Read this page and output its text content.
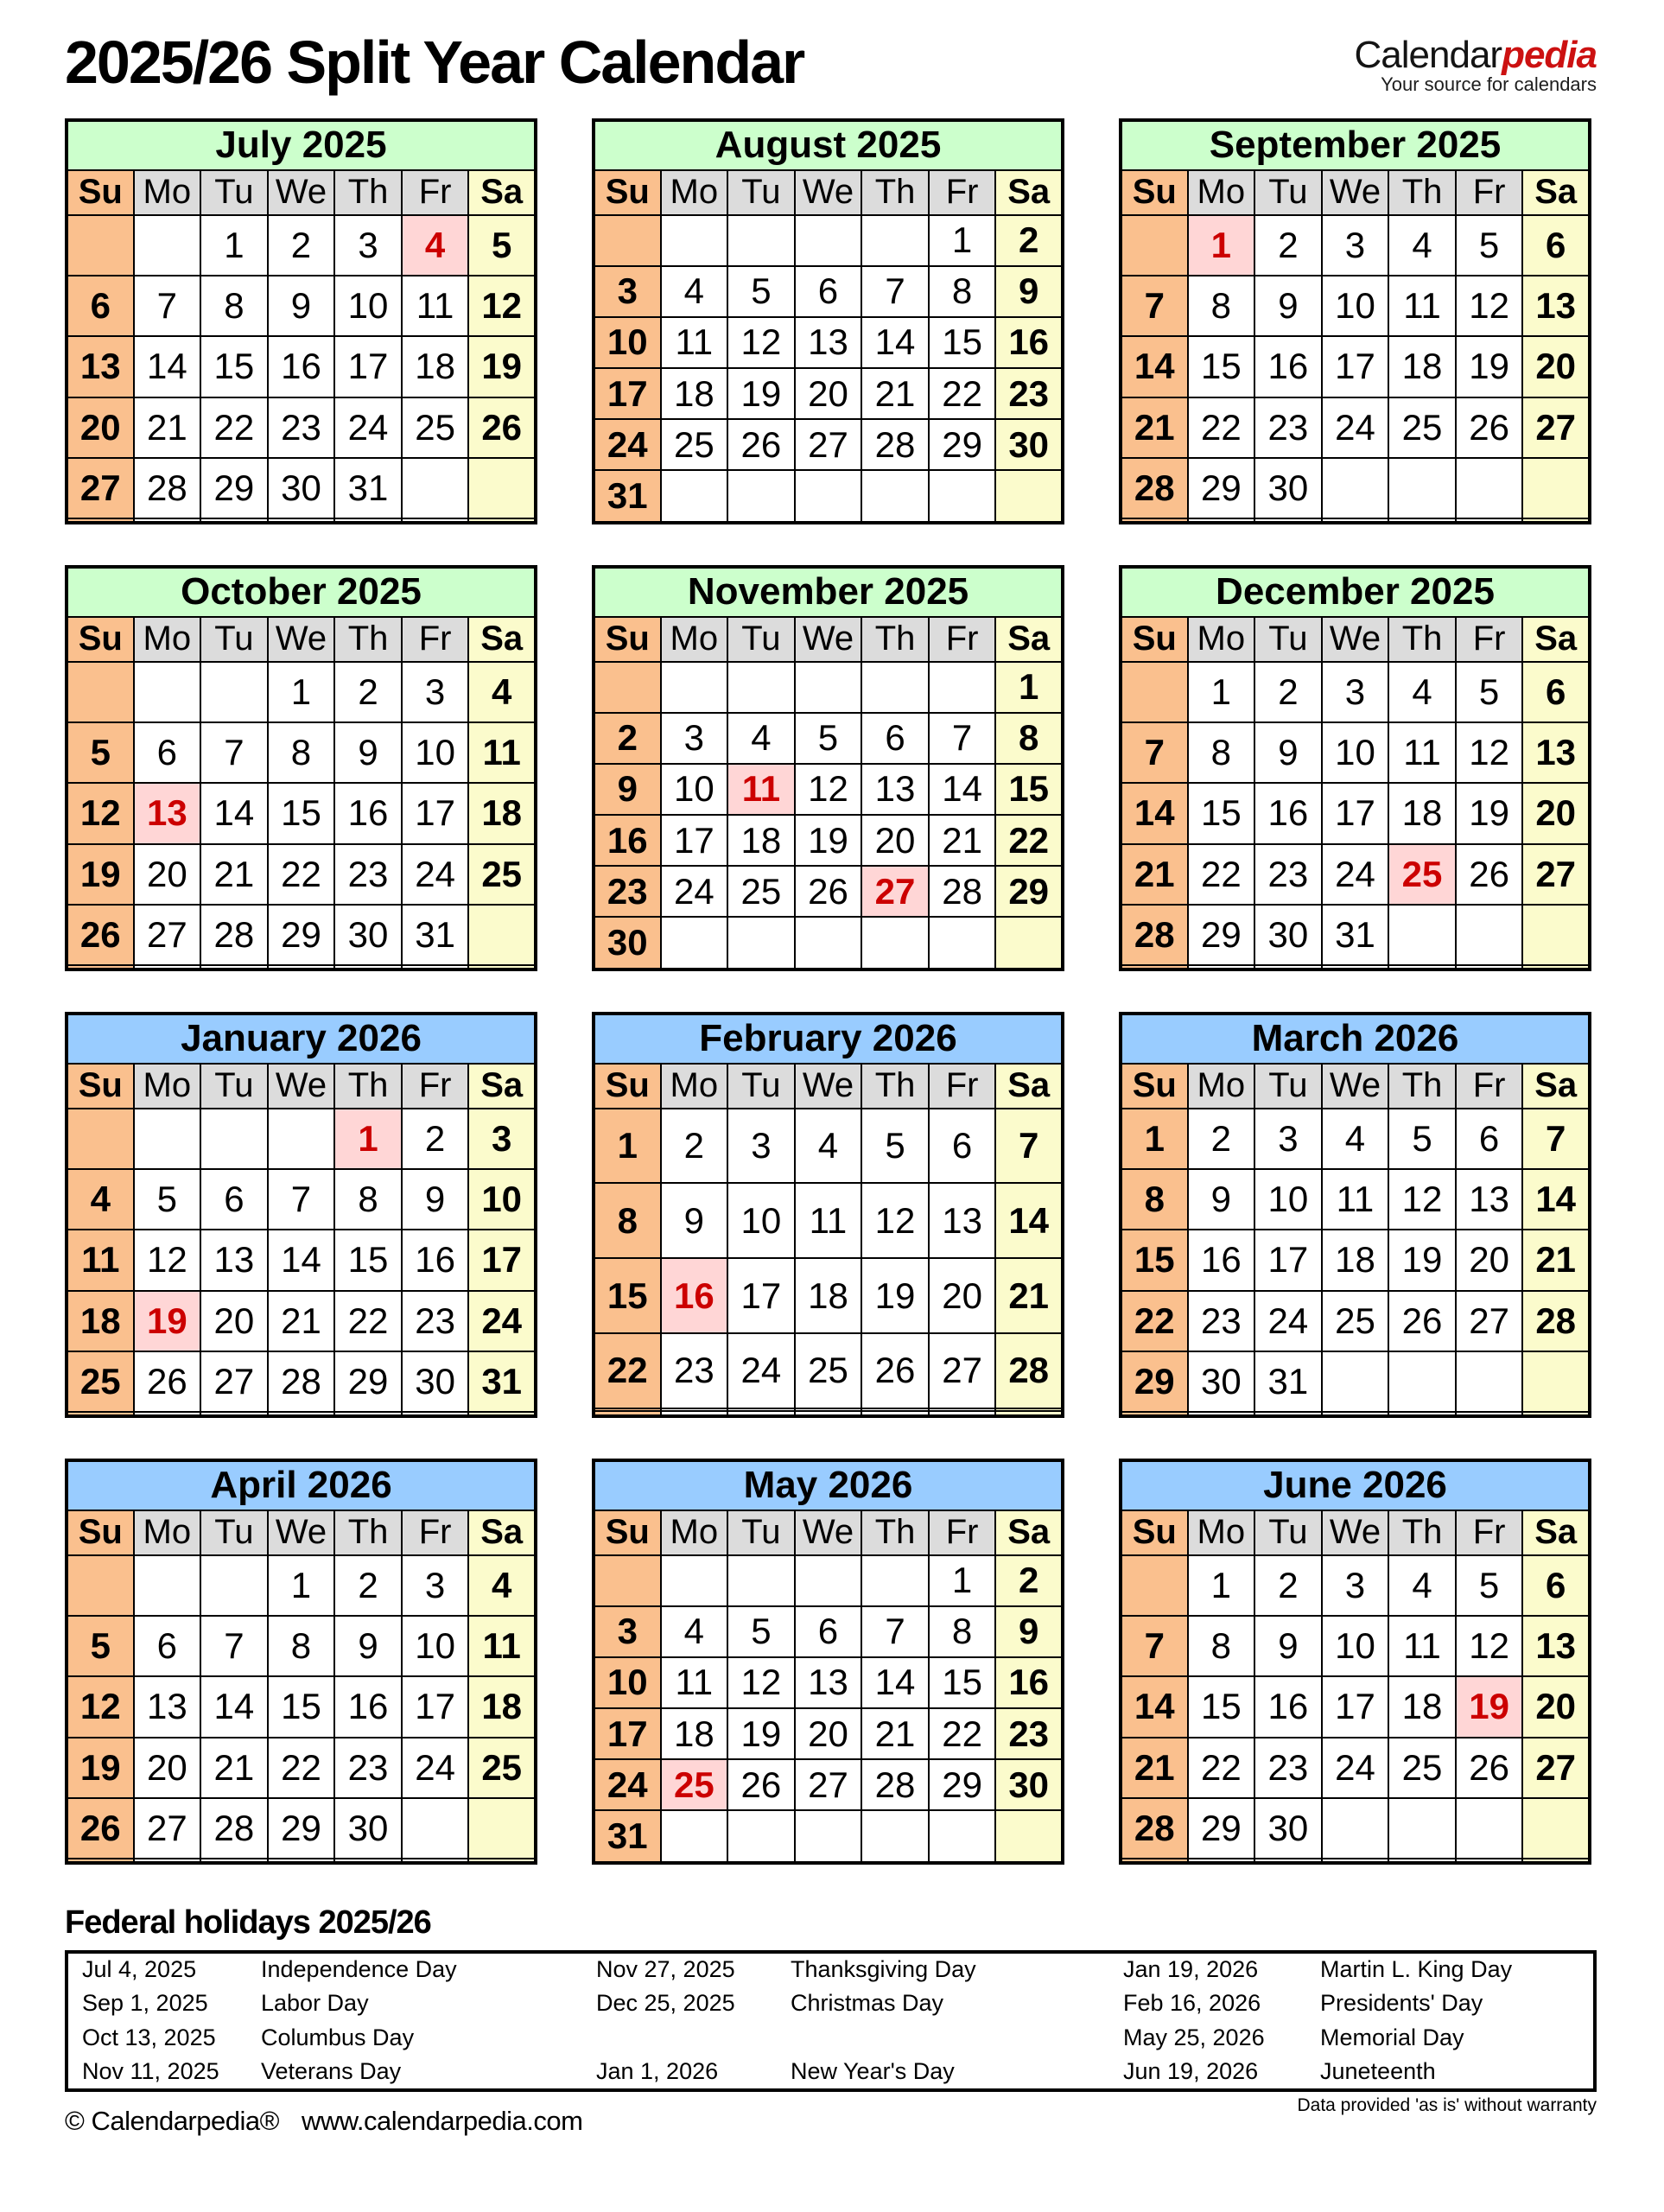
2025/26 Split Year Calendar	Calendarpedia
Your source for calendars
July 2025						
Su	Mo	Tu	We	Th	Fr	Sa
		1	2	3	4	5
6	7	8	9	10	11	12
13	14	15	16	17	18	19
20	21	22	23	24	25	26
27	28	29	30	31		

August 2025						
Su	Mo	Tu	We	Th	Fr	Sa
					1	2
3	4	5	6	7	8	9
10	11	12	13	14	15	16
17	18	19	20	21	22	23
24	25	26	27	28	29	30
31						
September 2025						
Su	Mo	Tu	We	Th	Fr	Sa
	1	2	3	4	5	6
7	8	9	10	11	12	13
14	15	16	17	18	19	20
21	22	23	24	25	26	27
28	29	30				

October 2025						
Su	Mo	Tu	We	Th	Fr	Sa
			1	2	3	4
5	6	7	8	9	10	11
12	13	14	15	16	17	18
19	20	21	22	23	24	25
26	27	28	29	30	31	

November 2025						
Su	Mo	Tu	We	Th	Fr	Sa
						1
2	3	4	5	6	7	8
9	10	11	12	13	14	15
16	17	18	19	20	21	22
23	24	25	26	27	28	29
30						
December 2025						
Su	Mo	Tu	We	Th	Fr	Sa
	1	2	3	4	5	6
7	8	9	10	11	12	13
14	15	16	17	18	19	20
21	22	23	24	25	26	27
28	29	30	31			

January 2026						
Su	Mo	Tu	We	Th	Fr	Sa
				1	2	3
4	5	6	7	8	9	10
11	12	13	14	15	16	17
18	19	20	21	22	23	24
25	26	27	28	29	30	31

February 2026						
Su	Mo	Tu	We	Th	Fr	Sa
1	2	3	4	5	6	7
8	9	10	11	12	13	14
15	16	17	18	19	20	21
22	23	24	25	26	27	28

March 2026						
Su	Mo	Tu	We	Th	Fr	Sa
1	2	3	4	5	6	7
8	9	10	11	12	13	14
15	16	17	18	19	20	21
22	23	24	25	26	27	28
29	30	31				

April 2026						
Su	Mo	Tu	We	Th	Fr	Sa
			1	2	3	4
5	6	7	8	9	10	11
12	13	14	15	16	17	18
19	20	21	22	23	24	25
26	27	28	29	30		

May 2026						
Su	Mo	Tu	We	Th	Fr	Sa
					1	2
3	4	5	6	7	8	9
10	11	12	13	14	15	16
17	18	19	20	21	22	23
24	25	26	27	28	29	30
31						
June 2026						
Su	Mo	Tu	We	Th	Fr	Sa
	1	2	3	4	5	6
7	8	9	10	11	12	13
14	15	16	17	18	19	20
21	22	23	24	25	26	27
28	29	30				

Federal holidays 2025/26
Jul 4, 2025	Independence Day	Nov 27, 2025	Thanksgiving Day	Jan 19, 2026	Martin L. King Day
Sep 1, 2025	Labor Day	Dec 25, 2025	Christmas Day	Feb 16, 2026	Presidents' Day
Oct 13, 2025	Columbus Day			May 25, 2026	Memorial Day
Nov 11, 2025	Veterans Day	Jan 1, 2026	New Year's Day	Jun 19, 2026	Juneteenth
© Calendarpedia® www.calendarpedia.com
Data provided 'as is' without warranty
